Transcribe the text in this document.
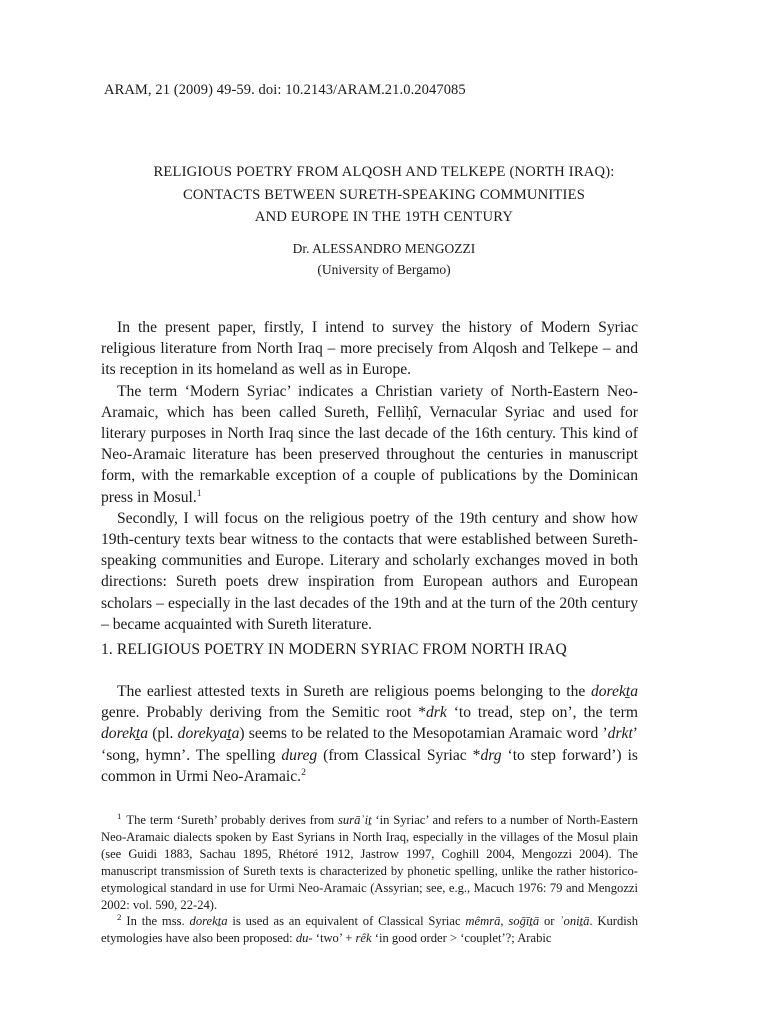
ARAM, 21 (2009) 49-59. doi: 10.2143/ARAM.21.0.2047085
RELIGIOUS POETRY FROM ALQOSH AND TELKEPE (NORTH IRAQ):
CONTACTS BETWEEN SURETH-SPEAKING COMMUNITIES
AND EUROPE IN THE 19TH CENTURY
Dr. ALESSANDRO MENGOZZI
(University of Bergamo)

In the present paper, firstly, I intend to survey the history of Modern Syriac religious literature from North Iraq – more precisely from Alqosh and Telkepe – and its reception in its homeland as well as in Europe.

The term ‘Modern Syriac’ indicates a Christian variety of North-Eastern Neo-Aramaic, which has been called Sureth, Fellìḥî, Vernacular Syriac and used for literary purposes in North Iraq since the last decade of the 16th century. This kind of Neo-Aramaic literature has been preserved throughout the centuries in manuscript form, with the remarkable exception of a couple of publications by the Dominican press in Mosul.$^1$

Secondly, I will focus on the religious poetry of the 19th century and show how 19th-century texts bear witness to the contacts that were established between Sureth-speaking communities and Europe. Literary and scholarly exchanges moved in both directions: Sureth poets drew inspiration from European authors and European scholars – especially in the last decades of the 19th and at the turn of the 20th century – became acquainted with Sureth literature.

1. RELIGIOUS POETRY IN MODERN SYRIAC FROM NORTH IRAQ

The earliest attested texts in Sureth are religious poems belonging to the dorekṯa genre. Probably deriving from the Semitic root *drk ‘to tread, step on’, the term dorekṯa (pl. dorekyaṯa) seems to be related to the Mesopotamian Aramaic word ’drkt’ ‘song, hymn’. The spelling dureg (from Classical Syriac *drg ‘to step forward’) is common in Urmi Neo-Aramaic.$^2$

$^1$ The term ‘Sureth’ probably derives from surāʾiṯ ‘in Syriac’ and refers to a number of North-Eastern Neo-Aramaic dialects spoken by East Syrians in North Iraq, especially in the villages of the Mosul plain (see Guidi 1883, Sachau 1895, Rhétoré 1912, Jastrow 1997, Coghill 2004, Mengozzi 2004). The manuscript transmission of Sureth texts is characterized by phonetic spelling, unlike the rather historico-etymological standard in use for Urmi Neo-Aramaic (Assyrian; see, e.g., Macuch 1976: 79 and Mengozzi 2002: vol. 590, 22-24).

$^2$ In the mss. dorekṯa is used as an equivalent of Classical Syriac mêmrā, soḡīṯā or ʾoniṯā. Kurdish etymologies have also been proposed: du- ‘two’ + rêk ‘in good order > ‘couplet’?; Arabic
